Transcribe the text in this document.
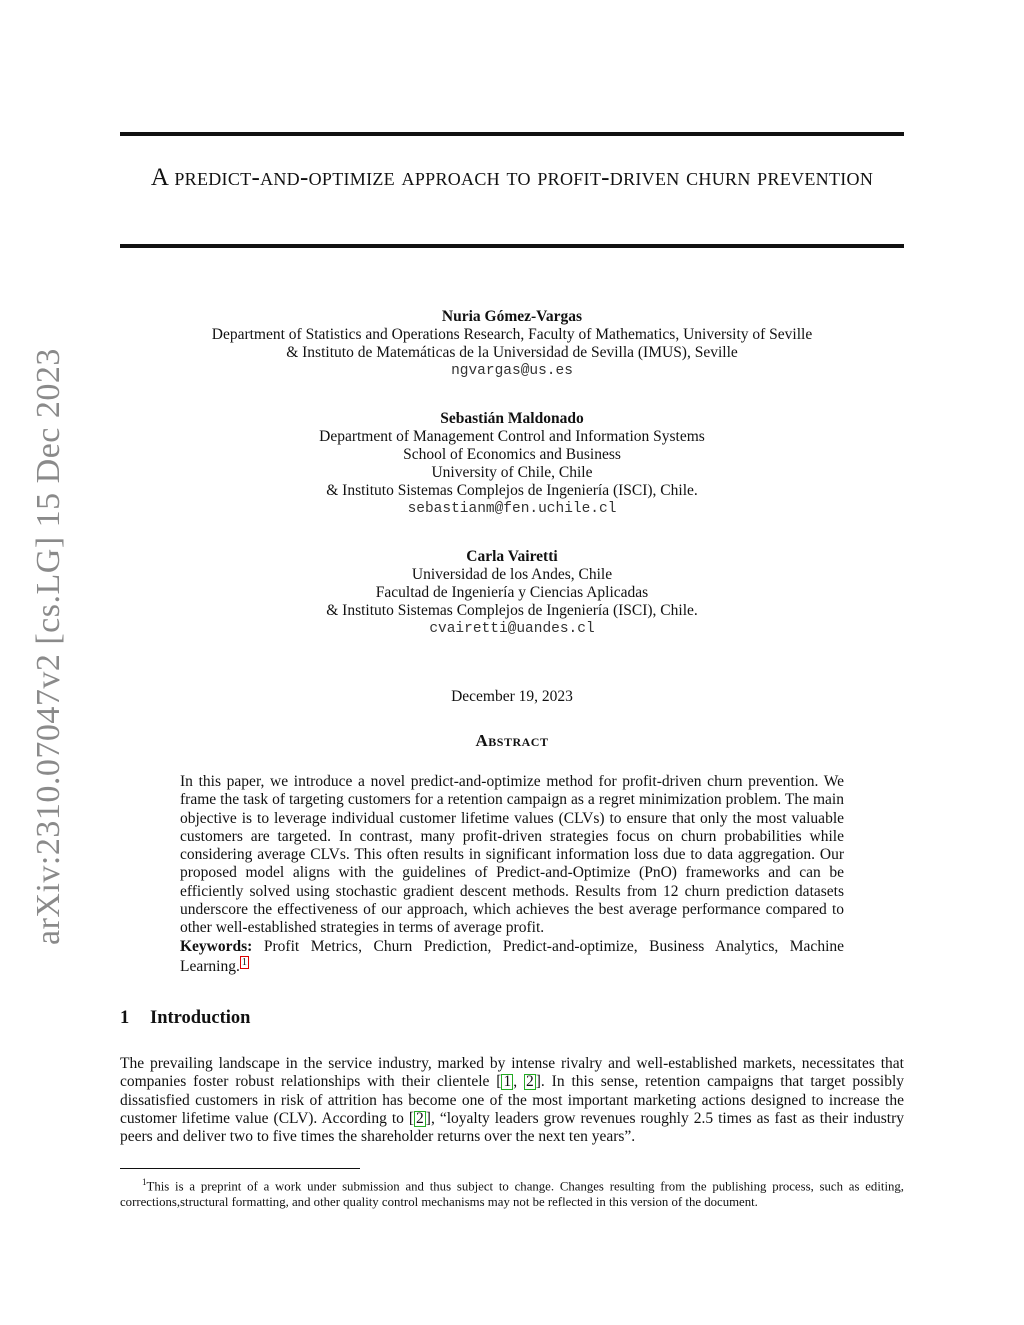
arXiv:2310.07047v2 [cs.LG] 15 Dec 2023
A predict-and-optimize approach to profit-driven churn prevention
Nuria Gómez-Vargas
Department of Statistics and Operations Research, Faculty of Mathematics, University of Seville
& Instituto de Matemáticas de la Universidad de Sevilla (IMUS), Seville
ngvargas@us.es
Sebastián Maldonado
Department of Management Control and Information Systems
School of Economics and Business
University of Chile, Chile
& Instituto Sistemas Complejos de Ingeniería (ISCI), Chile.
sebastianm@fen.uchile.cl
Carla Vairetti
Universidad de los Andes, Chile
Facultad de Ingeniería y Ciencias Aplicadas
& Instituto Sistemas Complejos de Ingeniería (ISCI), Chile.
cvairetti@uandes.cl
December 19, 2023
Abstract
In this paper, we introduce a novel predict-and-optimize method for profit-driven churn prevention. We frame the task of targeting customers for a retention campaign as a regret minimization problem. The main objective is to leverage individual customer lifetime values (CLVs) to ensure that only the most valuable customers are targeted. In contrast, many profit-driven strategies focus on churn probabilities while considering average CLVs. This often results in significant information loss due to data aggregation. Our proposed model aligns with the guidelines of Predict-and-Optimize (PnO) frameworks and can be efficiently solved using stochastic gradient descent methods. Results from 12 churn prediction datasets underscore the effectiveness of our approach, which achieves the best average performance compared to other well-established strategies in terms of average profit.
Keywords: Profit Metrics, Churn Prediction, Predict-and-optimize, Business Analytics, Machine Learning. 1
1 Introduction
The prevailing landscape in the service industry, marked by intense rivalry and well-established markets, necessitates that companies foster robust relationships with their clientele [ 1 , 2 ]. In this sense, retention campaigns that target possibly dissatisfied customers in risk of attrition has become one of the most important marketing actions designed to increase the customer lifetime value (CLV). According to [ 2 ], “loyalty leaders grow revenues roughly 2.5 times as fast as their industry peers and deliver two to five times the shareholder returns over the next ten years”.
$^1$This is a preprint of a work under submission and thus subject to change. Changes resulting from the publishing process, such as editing, corrections,structural formatting, and other quality control mechanisms may not be reflected in this version of the document.
